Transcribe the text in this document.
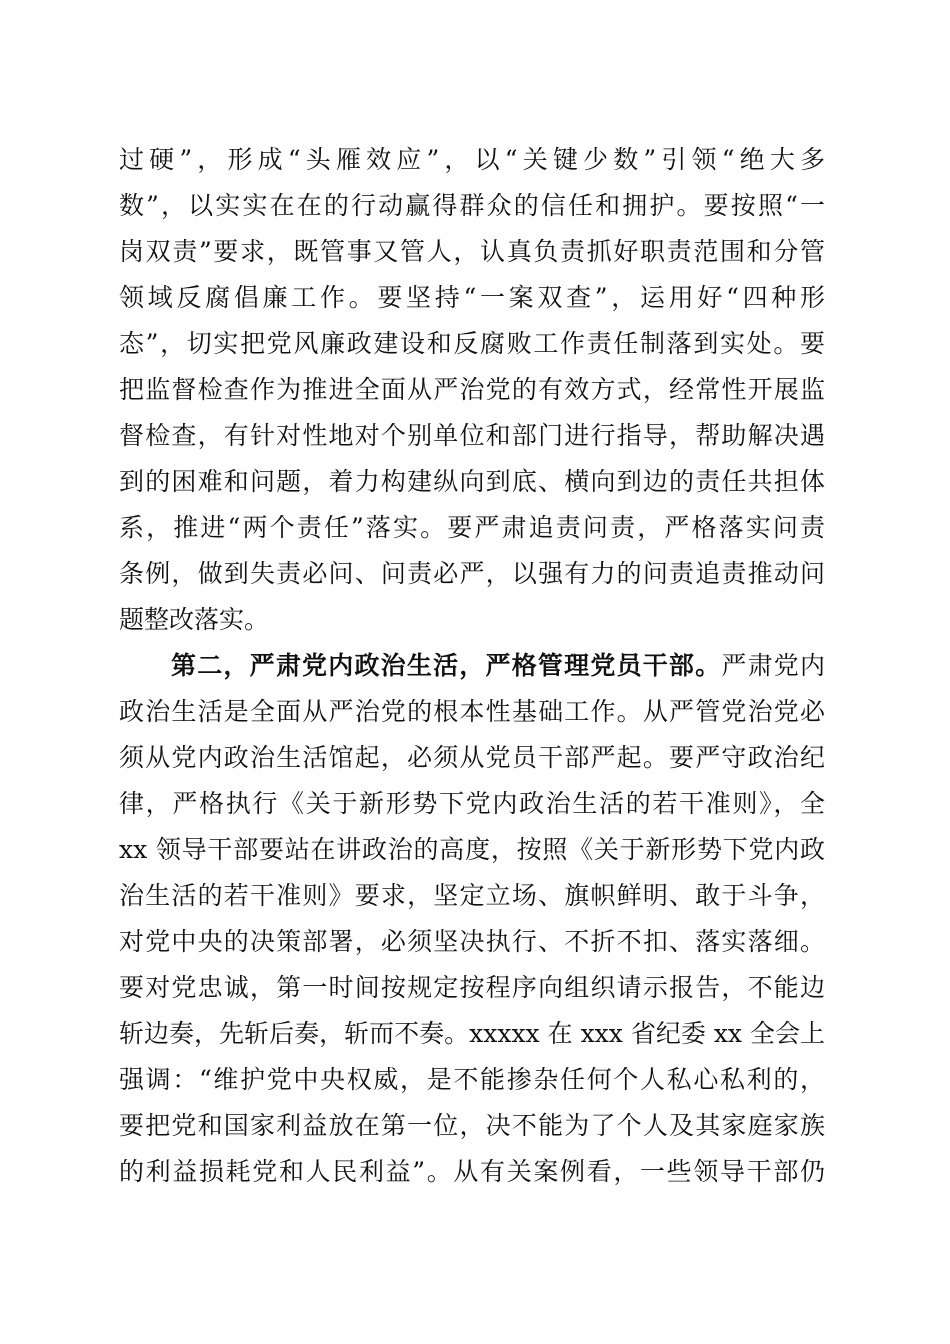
过硬”，形成“头雁效应”，以“关键少数”引领“绝大多
数”，以实实在在的行动赢得群众的信任和拥护。要按照“一
岗双责”要求，既管事又管人，认真负责抓好职责范围和分管
领域反腐倡廉工作。要坚持“一案双查”，运用好“四种形
态”，切实把党风廉政建设和反腐败工作责任制落到实处。要
把监督检查作为推进全面从严治党的有效方式，经常性开展监
督检查，有针对性地对个别单位和部门进行指导，帮助解决遇
到的困难和问题，着力构建纵向到底、横向到边的责任共担体
系，推进“两个责任”落实。要严肃追责问责，严格落实问责
条例，做到失责必问、问责必严，以强有力的问责追责推动问
题整改落实。
第二，严肃党内政治生活，严格管理党员干部。严肃党内
政治生活是全面从严治党的根本性基础工作。从严管党治党必
须从党内政治生活馆起，必须从党员干部严起。要严守政治纪
律，严格执行《关于新形势下党内政治生活的若干准则》，全
xx 领导干部要站在讲政治的高度，按照《关于新形势下党内政
治生活的若干准则》要求，坚定立场、旗帜鲜明、敢于斗争，
对党中央的决策部署，必须坚决执行、不折不扣、落实落细。
要对党忠诚，第一时间按规定按程序向组织请示报告，不能边
斩边奏，先斩后奏，斩而不奏。xxxxx 在 xxx 省纪委 xx 全会上
强调：“维护党中央权威，是不能掺杂任何个人私心私利的，
要把党和国家利益放在第一位，决不能为了个人及其家庭家族
的利益损耗党和人民利益”。从有关案例看，一些领导干部仍
